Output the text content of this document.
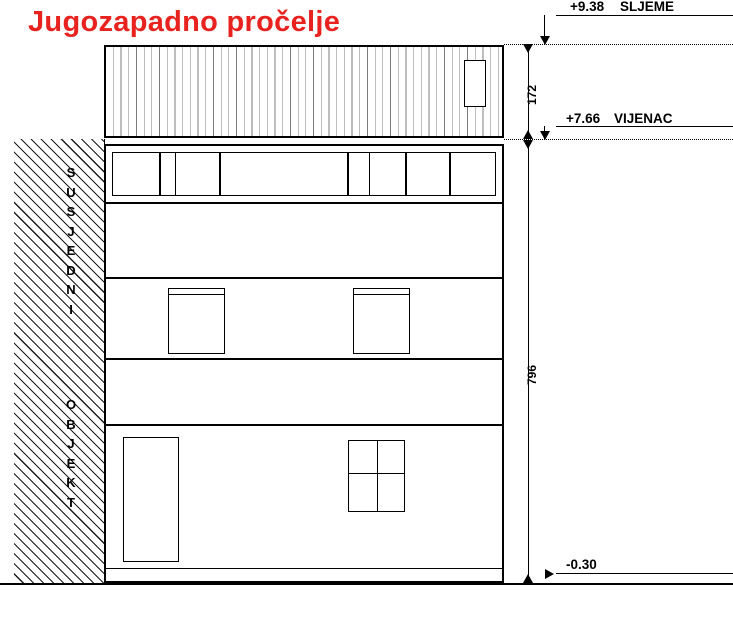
Jugozapadno pročelje
S
U
S
J
E
D
N
I
O
B
J
E
K
T
+9.38 SLJEME
+7.66 VIJENAC
172
796
-0.30
